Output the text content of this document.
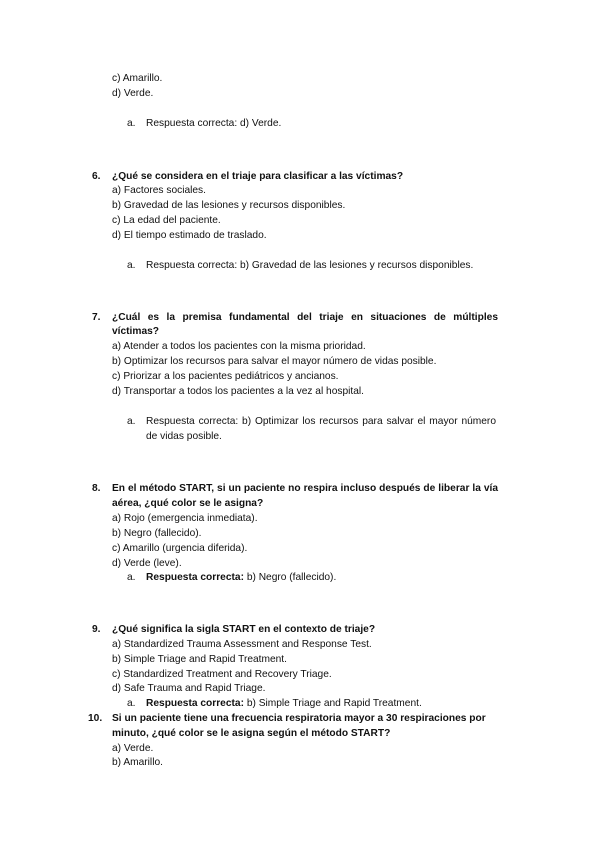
c) Amarillo.
d) Verde.
a. Respuesta correcta: d) Verde.
6. ¿Qué se considera en el triaje para clasificar a las víctimas?
a) Factores sociales.
b) Gravedad de las lesiones y recursos disponibles.
c) La edad del paciente.
d) El tiempo estimado de traslado.
a. Respuesta correcta: b) Gravedad de las lesiones y recursos disponibles.
7. ¿Cuál es la premisa fundamental del triaje en situaciones de múltiples
víctimas?
a) Atender a todos los pacientes con la misma prioridad.
b) Optimizar los recursos para salvar el mayor número de vidas posible.
c) Priorizar a los pacientes pediátricos y ancianos.
d) Transportar a todos los pacientes a la vez al hospital.
a. Respuesta correcta: b) Optimizar los recursos para salvar el mayor número
de vidas posible.
8. En el método START, si un paciente no respira incluso después de liberar la vía
aérea, ¿qué color se le asigna?
a) Rojo (emergencia inmediata).
b) Negro (fallecido).
c) Amarillo (urgencia diferida).
d) Verde (leve).
a. Respuesta correcta: b) Negro (fallecido).
9. ¿Qué significa la sigla START en el contexto de triaje?
a) Standardized Trauma Assessment and Response Test.
b) Simple Triage and Rapid Treatment.
c) Standardized Treatment and Recovery Triage.
d) Safe Trauma and Rapid Triage.
a. Respuesta correcta: b) Simple Triage and Rapid Treatment.
10. Si un paciente tiene una frecuencia respiratoria mayor a 30 respiraciones por
minuto, ¿qué color se le asigna según el método START?
a) Verde.
b) Amarillo.
